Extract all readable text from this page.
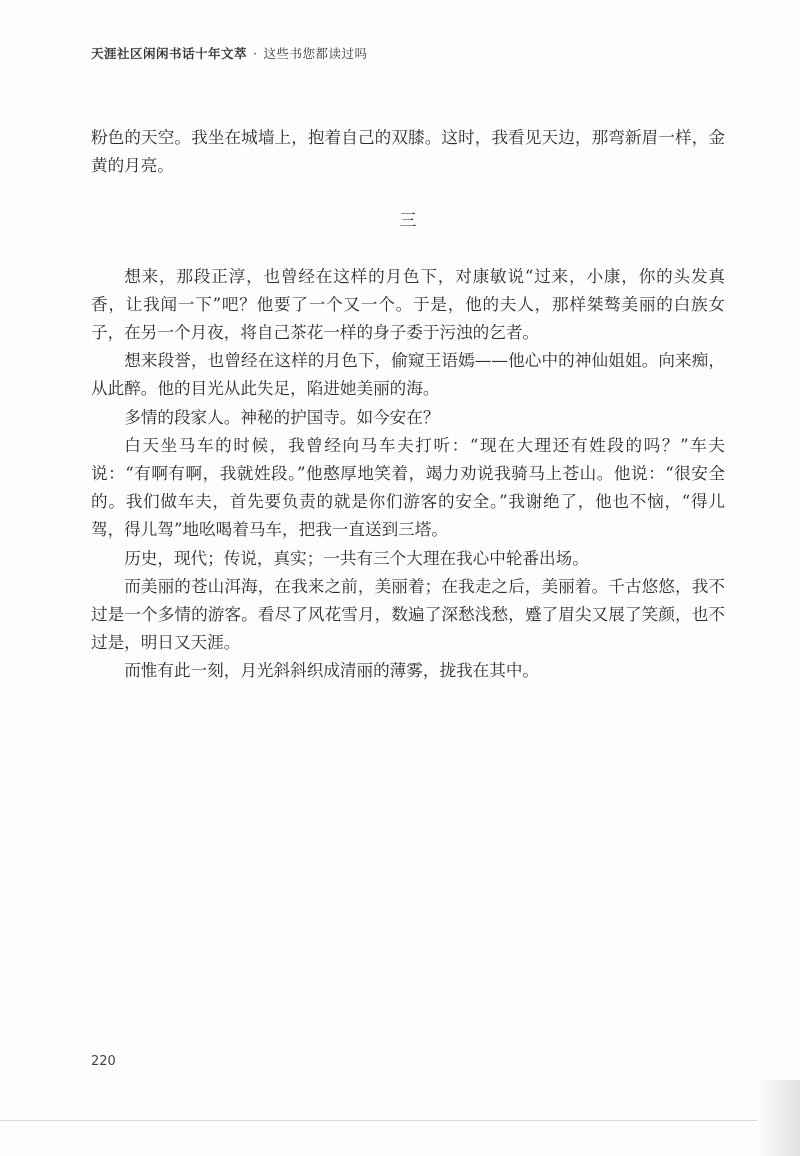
天涯社区闲闲书话十年文萃 · 这些书您都读过吗

粉色的天空。我坐在城墙上，抱着自己的双膝。这时，我看见天边，那弯新眉一样，金黄的月亮。

三

想来，那段正淳，也曾经在这样的月色下，对康敏说“过来，小康，你的头发真香，让我闻一下”吧？他要了一个又一个。于是，他的夫人，那样桀骜美丽的白族女子，在另一个月夜，将自己茶花一样的身子委于污浊的乞者。

想来段誉，也曾经在这样的月色下，偷窥王语嫣——他心中的神仙姐姐。向来痴，从此醉。他的目光从此失足，陷进她美丽的海。

多情的段家人。神秘的护国寺。如今安在？

白天坐马车的时候，我曾经向马车夫打听：“现在大理还有姓段的吗？”车夫说：“有啊有啊，我就姓段。”他憨厚地笑着，竭力劝说我骑马上苍山。他说：“很安全的。我们做车夫，首先要负责的就是你们游客的安全。”我谢绝了，他也不恼，“得儿驾，得儿驾”地吆喝着马车，把我一直送到三塔。

历史，现代；传说，真实；一共有三个大理在我心中轮番出场。

而美丽的苍山洱海，在我来之前，美丽着；在我走之后，美丽着。千古悠悠，我不过是一个多情的游客。看尽了风花雪月，数遍了深愁浅愁，蹙了眉尖又展了笑颜，也不过是，明日又天涯。

而惟有此一刻，月光斜斜织成清丽的薄雾，拢我在其中。

220
